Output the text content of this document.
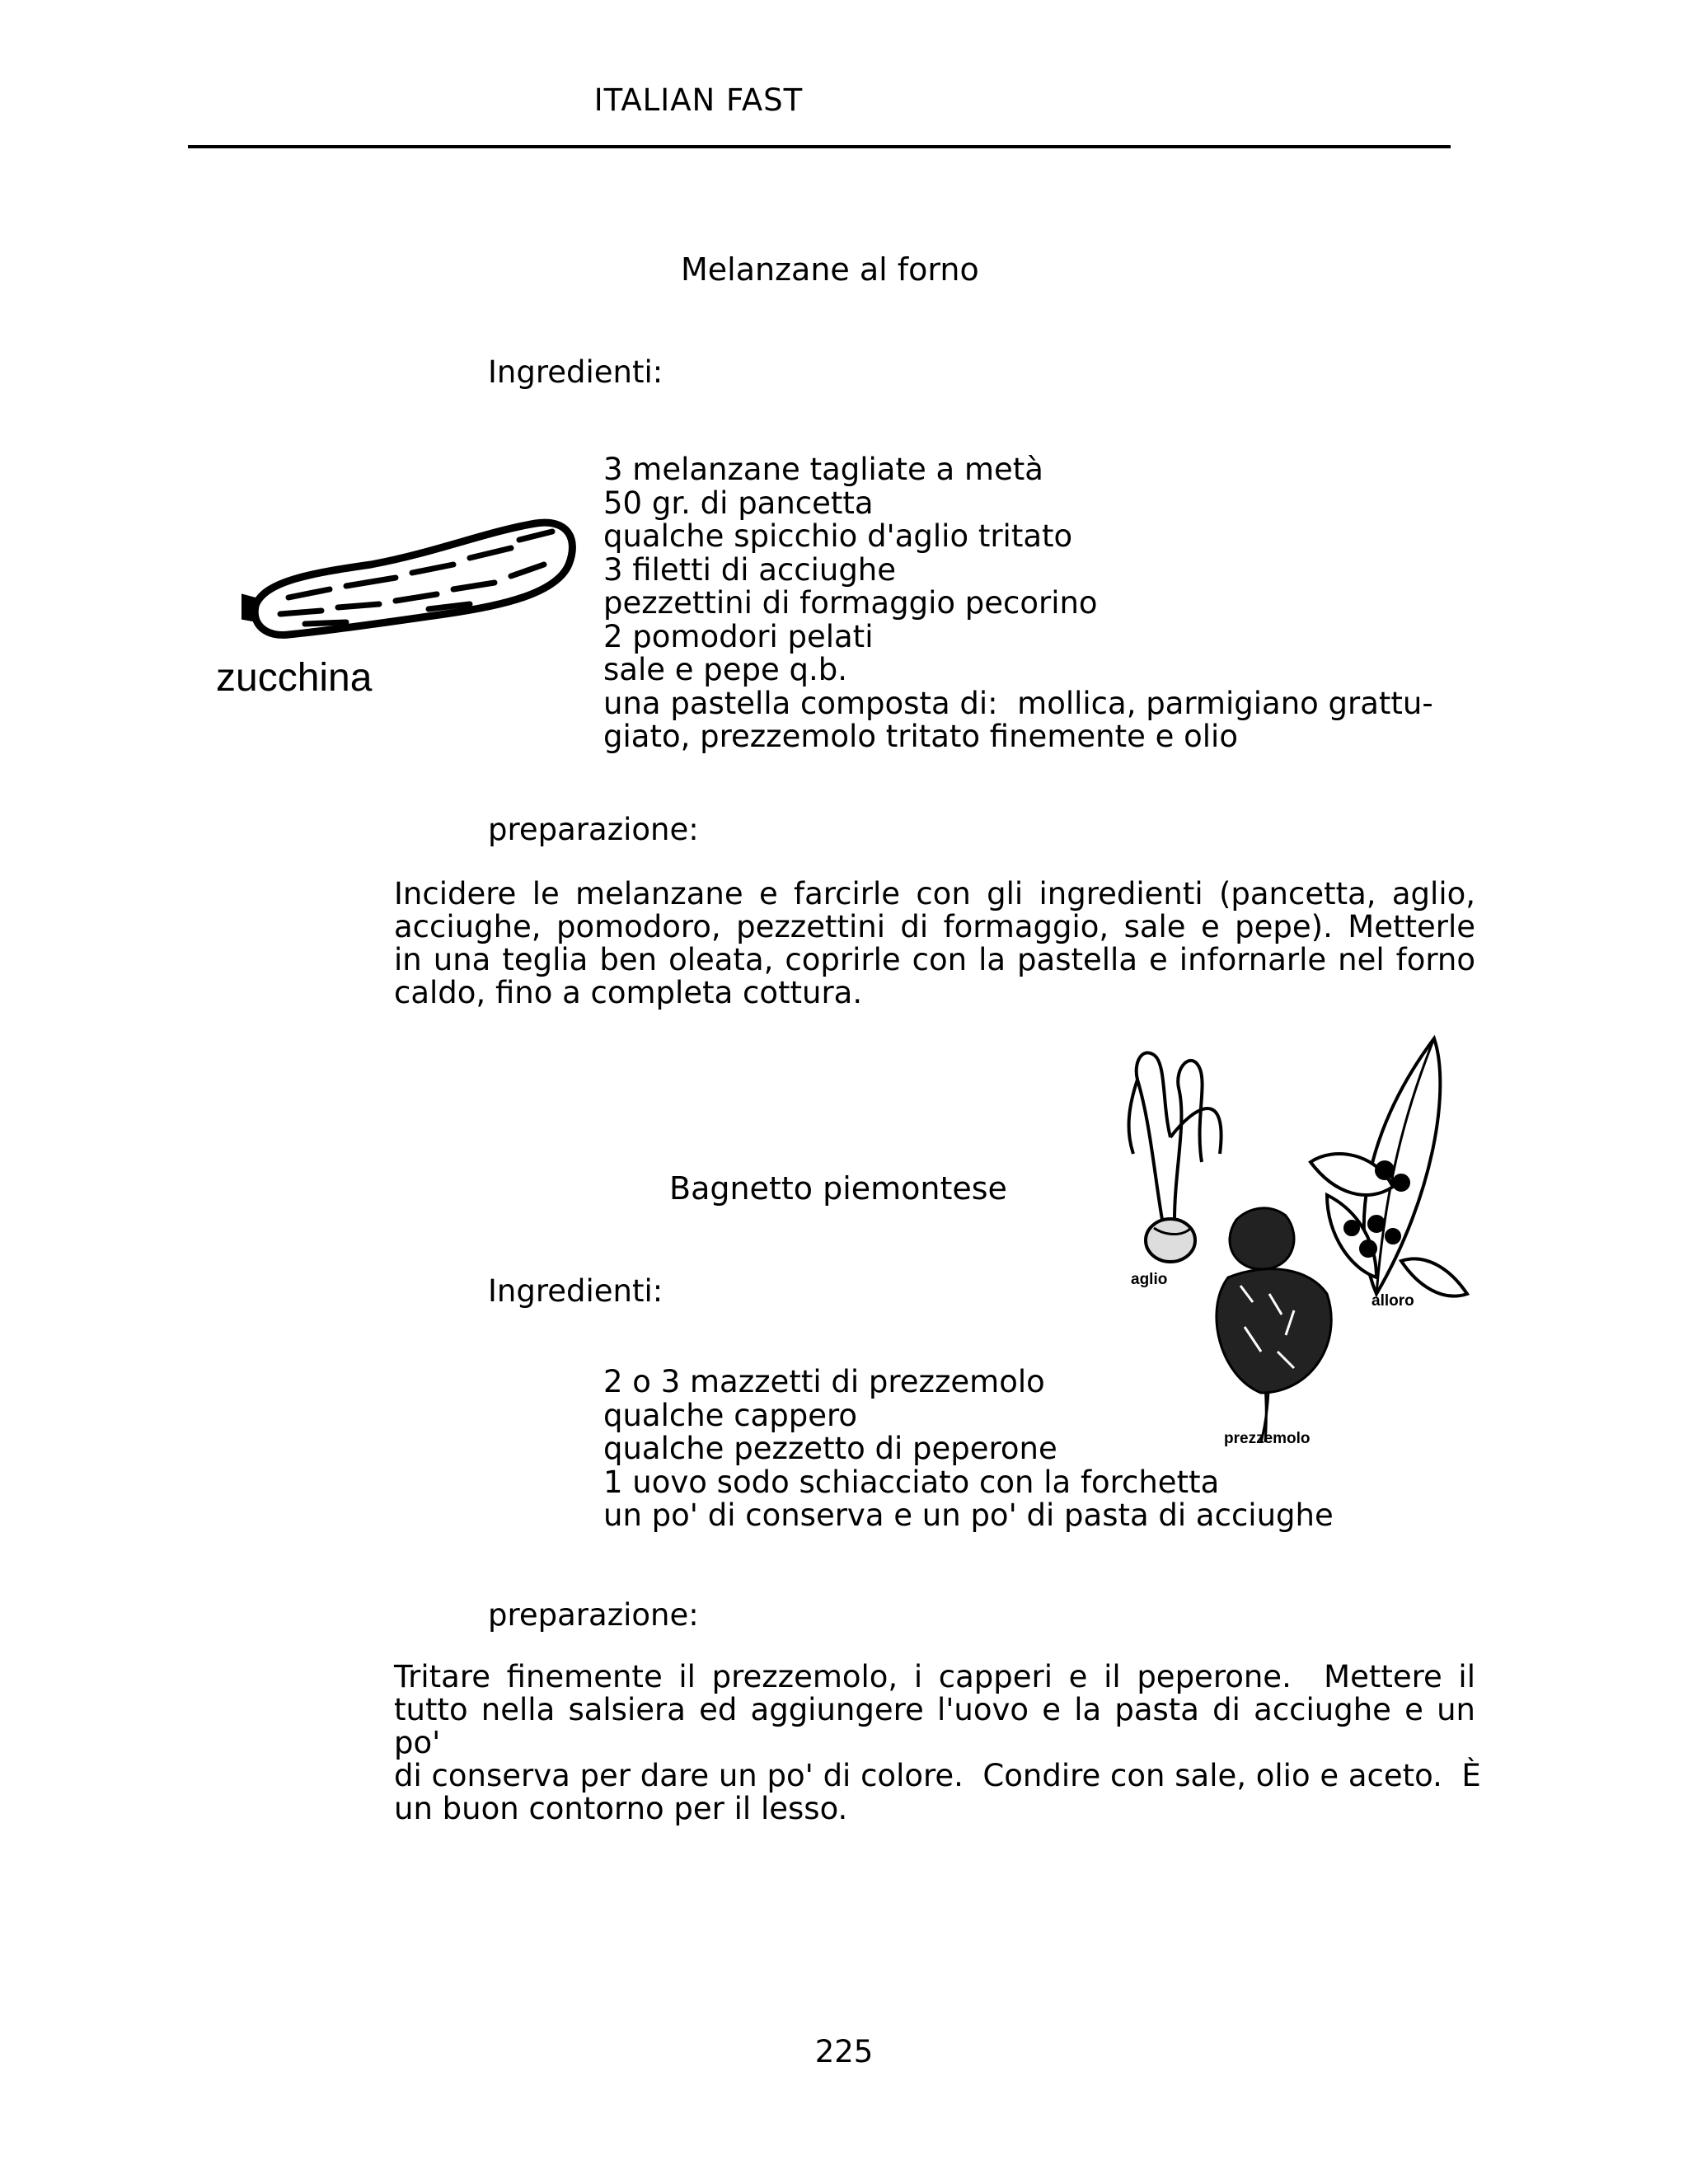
ITALIAN FAST
Melanzane al forno
Ingredienti:
3 melanzane tagliate a metà
50 gr. di pancetta
qualche spicchio d'aglio tritato
3 filetti di acciughe
pezzettini di formaggio pecorino
2 pomodori pelati
sale e pepe q.b.
una pastella composta di:  mollica, parmigiano grattu-
giato, prezzemolo tritato finemente e olio
zucchina
preparazione:
Incidere le melanzane e farcirle con gli ingredienti (pancetta, aglio,
acciughe, pomodoro, pezzettini di formaggio, sale e pepe). Metterle
in una teglia ben oleata, coprirle con la pastella e infornarle nel forno
caldo, fino a completa cottura.
Bagnetto piemontese
Ingredienti:	aglio
alloro
prezzemolo
2 o 3 mazzetti di prezzemolo
qualche cappero
qualche pezzetto di peperone
1 uovo sodo schiacciato con la forchetta
un po' di conserva e un po' di pasta di acciughe
preparazione:
Tritare finemente il prezzemolo, i capperi e il peperone.  Mettere il
tutto nella salsiera ed aggiungere l'uovo e la pasta di acciughe e un po'
di conserva per dare un po' di colore.  Condire con sale, olio e aceto.  È
un buon contorno per il lesso.
225
